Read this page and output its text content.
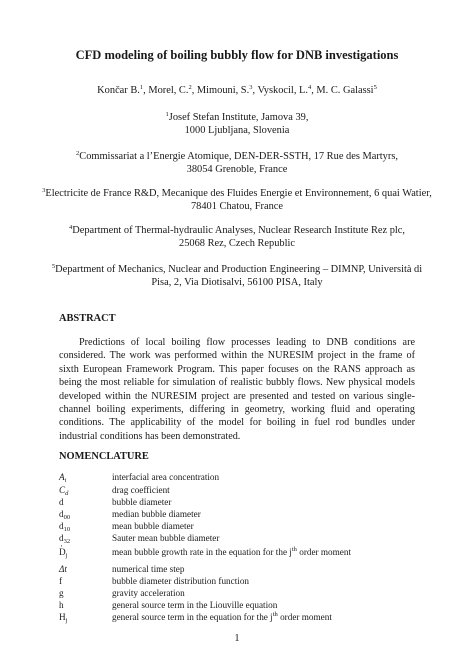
CFD modeling of boiling bubbly flow for DNB investigations
Končar B.$^1$, Morel, C.$^2$, Mimouni, S.$^3$, Vyskocil, L.$^4$, M. C. Galassi$^5$
$^1$Josef Stefan Institute, Jamova 39,
1000 Ljubljana, Slovenia
$^2$Commissariat a l’Energie Atomique, DEN-DER-SSTH, 17 Rue des Martyrs,
38054 Grenoble, France
$^3$Electricite de France R&D, Mecanique des Fluides Energie et Environnement, 6 quai Watier,
78401 Chatou, France
$^4$Department of Thermal-hydraulic Analyses, Nuclear Research Institute Rez plc,
25068 Rez, Czech Republic
$^5$Department of Mechanics, Nuclear and Production Engineering – DIMNP, Università di
Pisa, 2, Via Diotisalvi, 56100 PISA, Italy
ABSTRACT

Predictions of local boiling flow processes leading to DNB conditions are considered. The work was performed within the NURESIM project in the frame of sixth European Framework Program. This paper focuses on the RANS approach as being the most reliable for simulation of realistic bubbly flows. New physical models developed within the NURESIM project are presented and tested on various single-channel boiling experiments, differing in geometry, working fluid and operating conditions. The applicability of the model for boiling in fuel rod bundles under industrial conditions has been demonstrated.

NOMENCLATURE
$A_i$	interfacial area concentration
$C_d$	drag coefficient
d	bubble diameter
$d_{00}$	median bubble diameter
$d_{10}$	mean bubble diameter
$d_{32}$	Sauter mean bubble diameter
· $D_j$	mean bubble growth rate in the equation for the $j^{th}$ order moment
Δt	numerical time step
f	bubble diameter distribution function
g	gravity acceleration
h	general source term in the Liouville equation
$H_j$	general source term in the equation for the $j^{th}$ order moment
1
